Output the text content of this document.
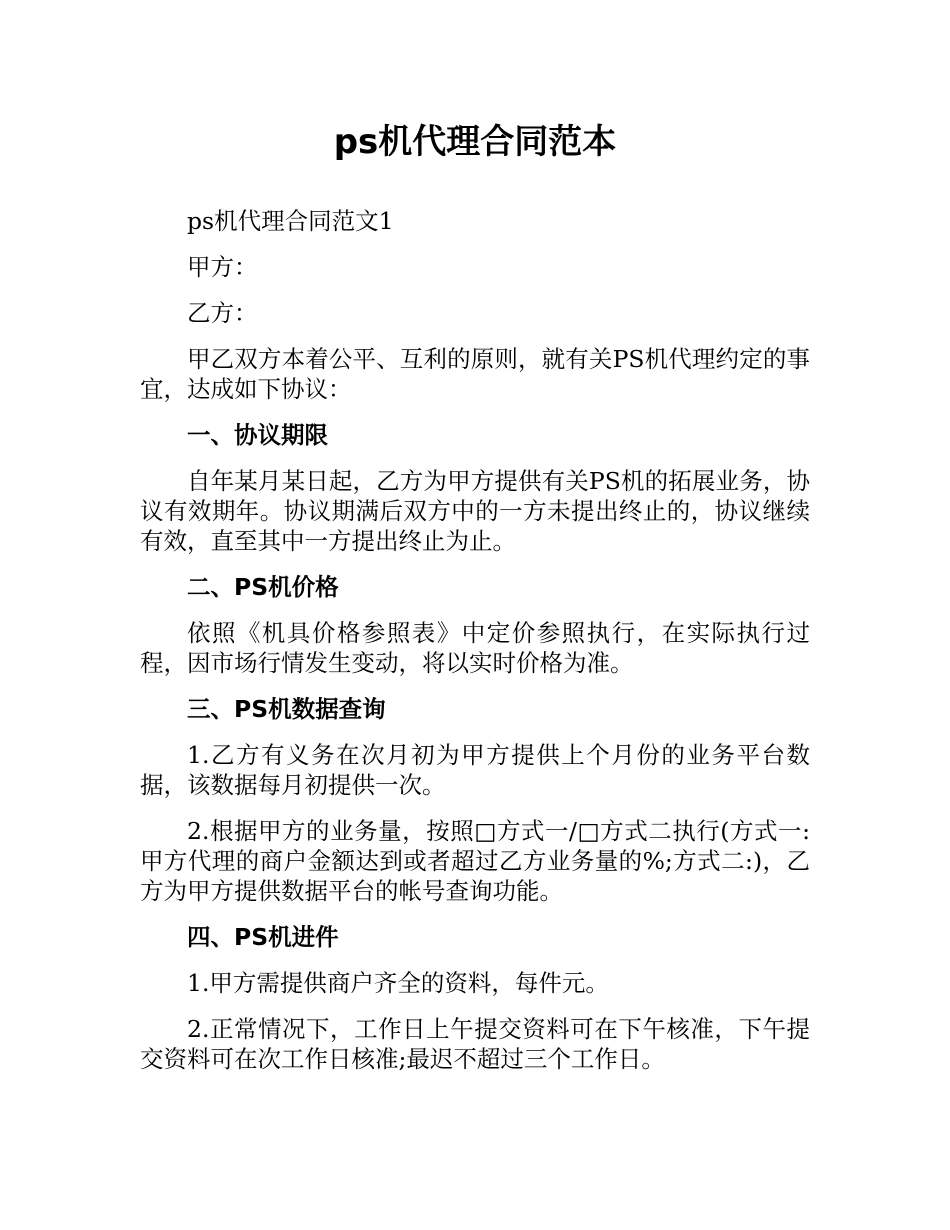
ps机代理合同范本

ps机代理合同范文1

甲方：

乙方：

甲乙双方本着公平、互利的原则，就有关PS机代理约定的事宜，达成如下协议：

一、协议期限

自年某月某日起，乙方为甲方提供有关PS机的拓展业务，协议有效期年。协议期满后双方中的一方未提出终止的，协议继续有效，直至其中一方提出终止为止。

二、PS机价格

依照《机具价格参照表》中定价参照执行，在实际执行过程，因市场行情发生变动，将以实时价格为准。

三、PS机数据查询

1.乙方有义务在次月初为甲方提供上个月份的业务平台数据，该数据每月初提供一次。

2.根据甲方的业务量，按照□方式一/□方式二执行(方式一:甲方代理的商户金额达到或者超过乙方业务量的%;方式二:)，乙方为甲方提供数据平台的帐号查询功能。

四、PS机进件

1.甲方需提供商户齐全的资料，每件元。

2.正常情况下，工作日上午提交资料可在下午核准，下午提交资料可在次工作日核准;最迟不超过三个工作日。
